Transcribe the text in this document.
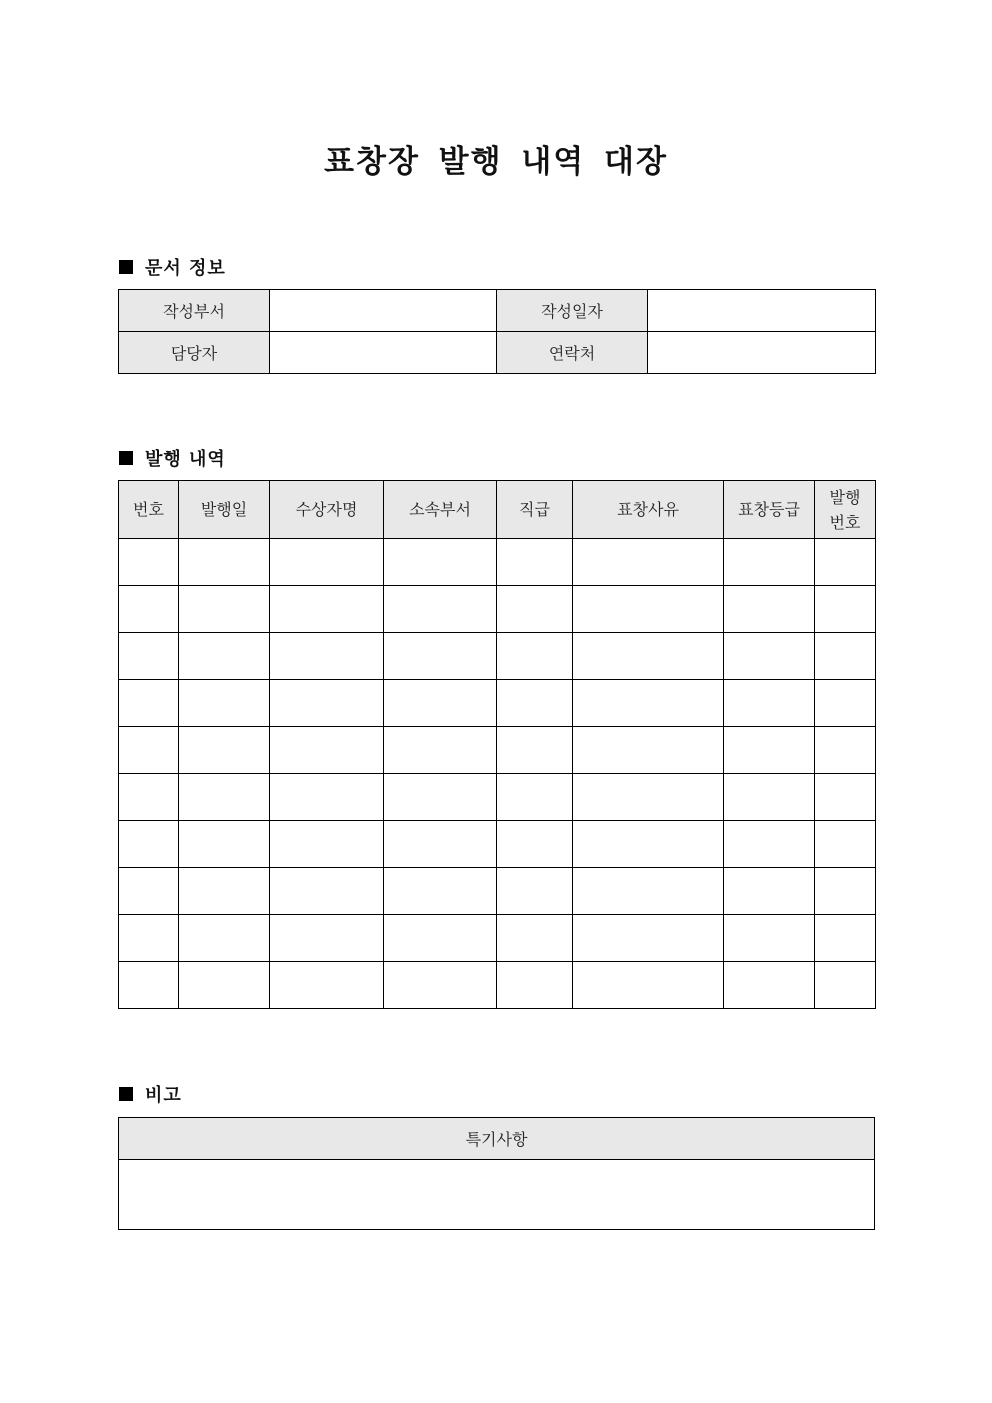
표창장 발행 내역 대장
문서 정보
작성부서		작성일자	
담당자		연락처	
발행 내역
번호	발행일	수상자명	소속부서	직급	표창사유	표창등급	발행
번호

비고
특기사항
